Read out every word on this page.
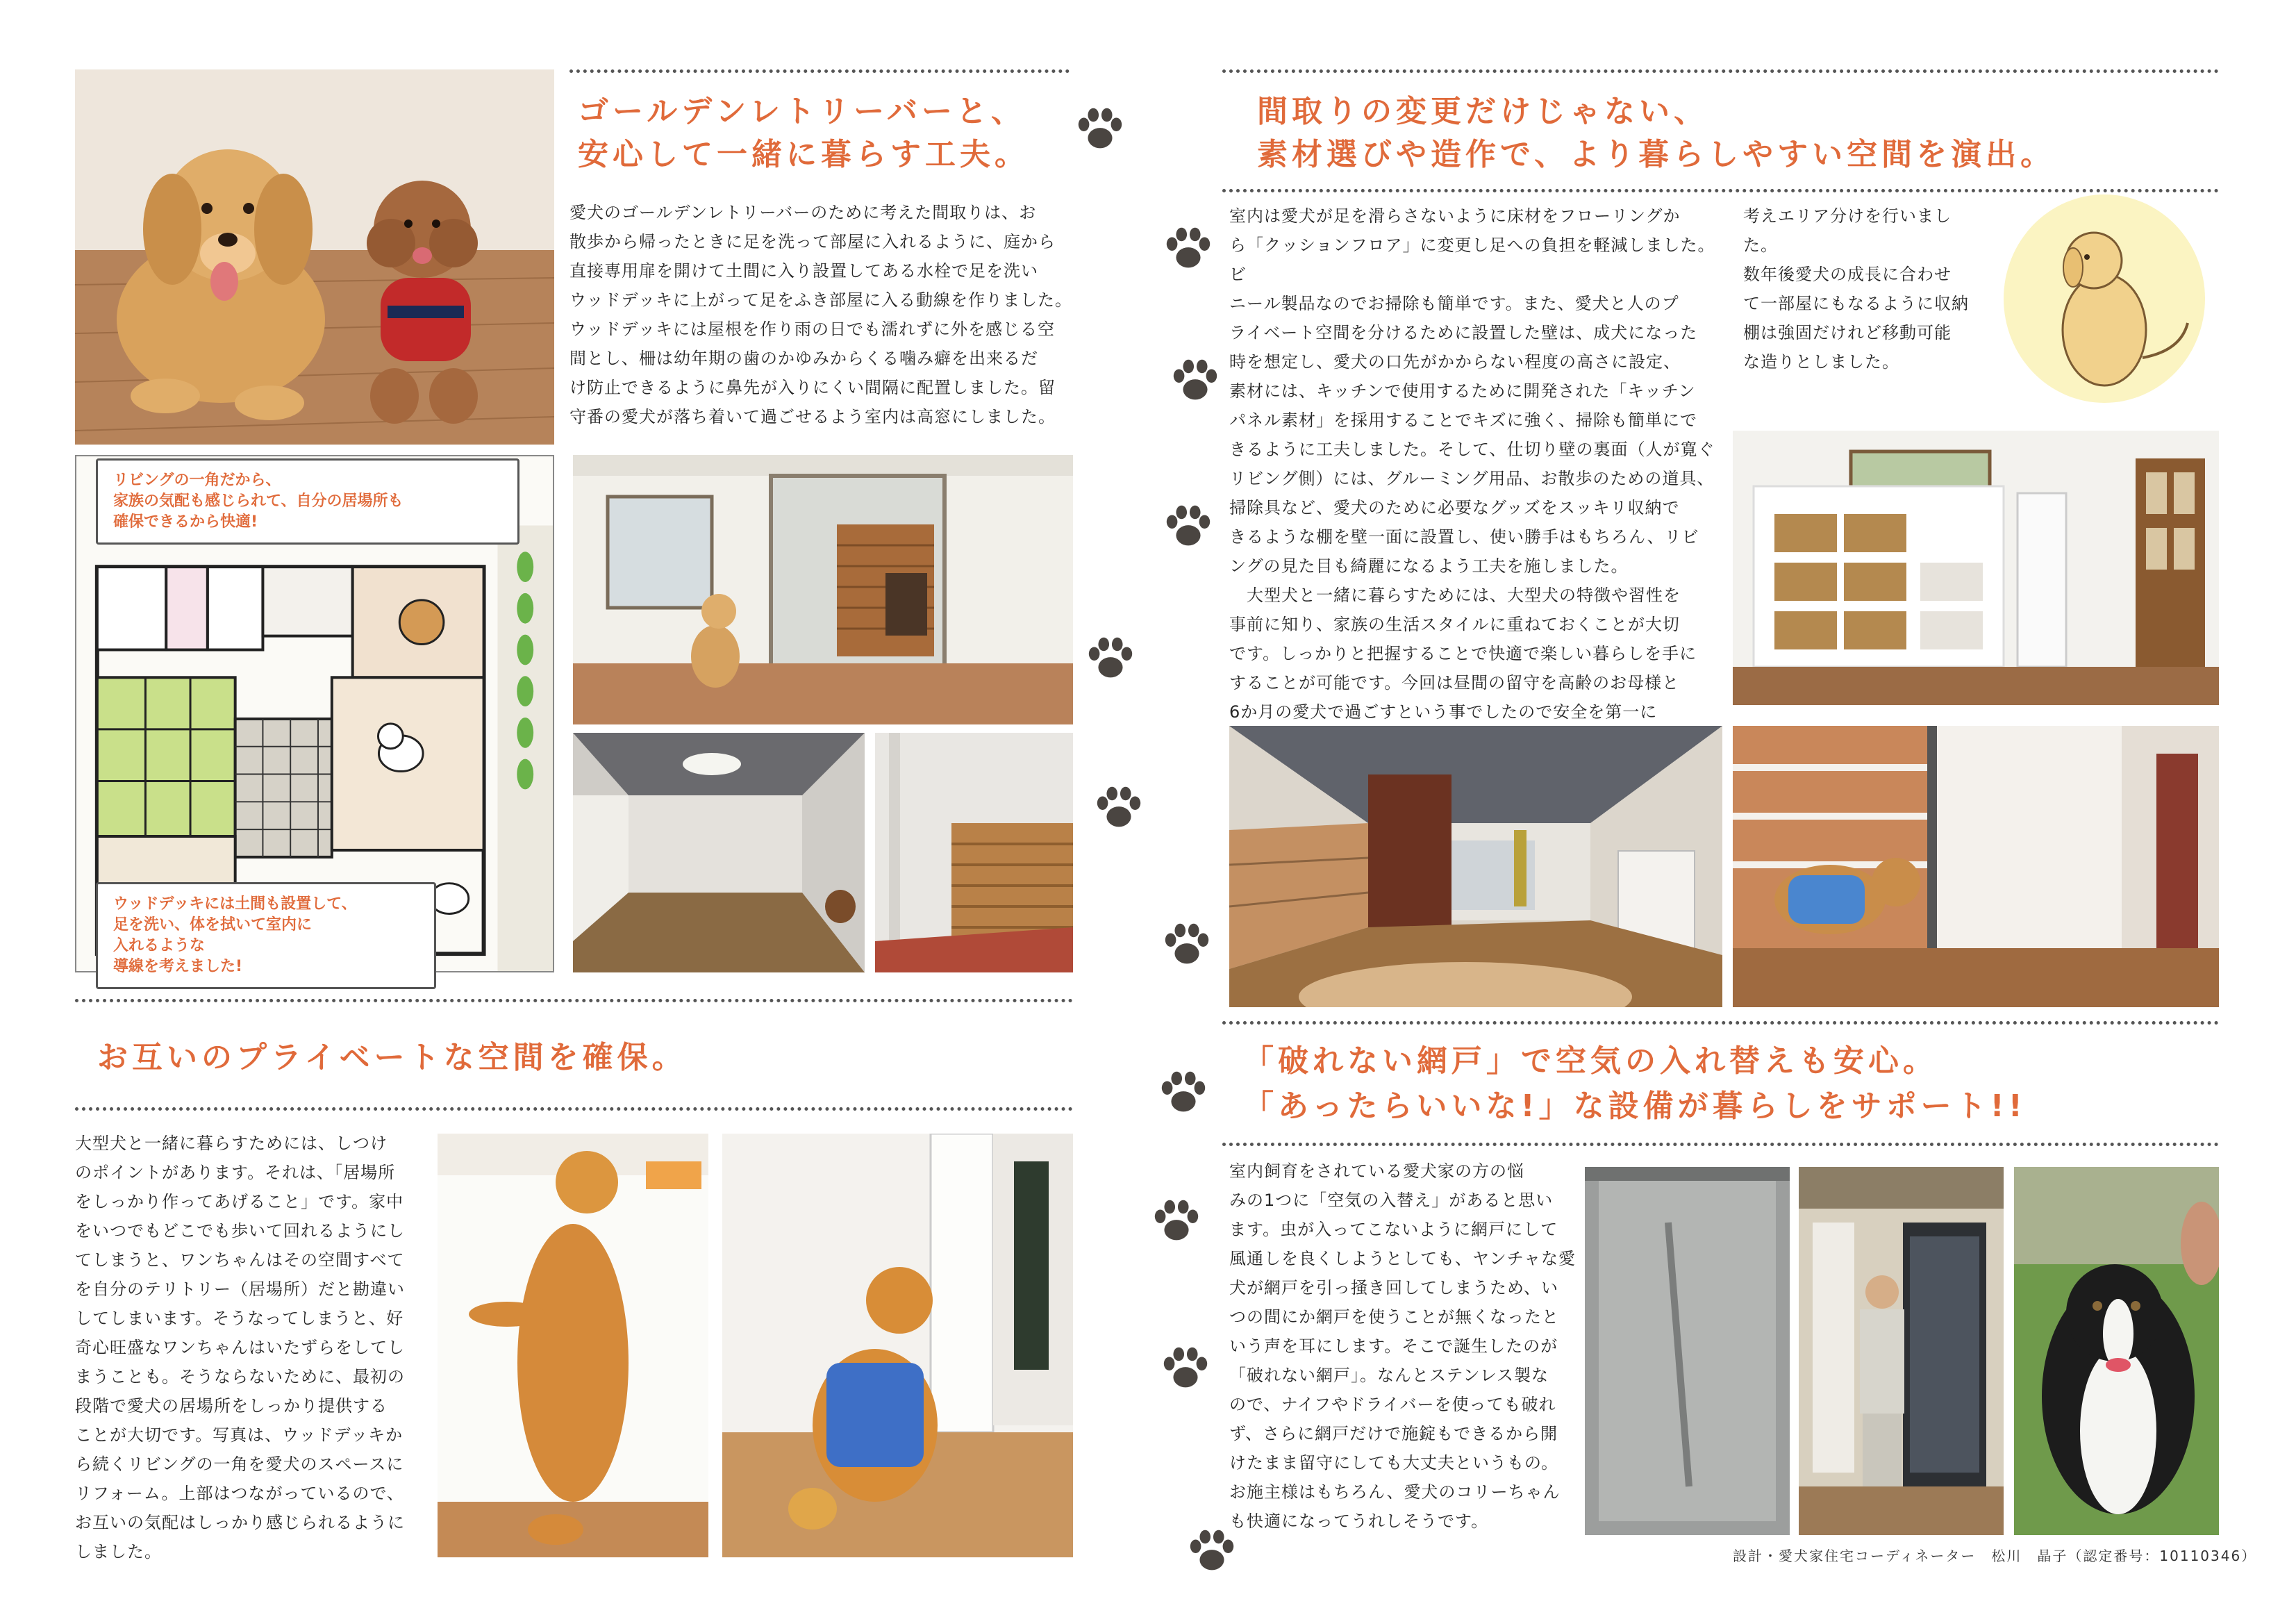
ゴールデンレトリーバーと、
安心して一緒に暮らす工夫。
愛犬のゴールデンレトリーバーのために考えた間取りは、お
散歩から帰ったときに足を洗って部屋に入れるように、庭から
直接専用扉を開けて土間に入り設置してある水栓で足を洗い
ウッドデッキに上がって足をふき部屋に入る動線を作りました。
ウッドデッキには屋根を作り雨の日でも濡れずに外を感じる空
間とし、柵は幼年期の歯のかゆみからくる噛み癖を出来るだ
け防止できるように鼻先が入りにくい間隔に配置しました。留
守番の愛犬が落ち着いて過ごせるよう室内は高窓にしました。
リビングの一角だから、
家族の気配も感じられて、自分の居場所も
確保できるから快適!
ウッドデッキには土間も設置して、
足を洗い、体を拭いて室内に
入れるような
導線を考えました!
お互いのプライベートな空間を確保。
大型犬と一緒に暮らすためには、しつけ
のポイントがあります。それは、「居場所
をしっかり作ってあげること」です。家中
をいつでもどこでも歩いて回れるようにし
てしまうと、ワンちゃんはその空間すべて
を自分のテリトリー（居場所）だと勘違い
してしまいます。そうなってしまうと、好
奇心旺盛なワンちゃんはいたずらをしてし
まうことも。そうならないために、最初の
段階で愛犬の居場所をしっかり提供する
ことが大切です。写真は、ウッドデッキか
ら続くリビングの一角を愛犬のスペースに
リフォーム。上部はつながっているので、
お互いの気配はしっかり感じられるように
しました。
間取りの変更だけじゃない、
素材選びや造作で、より暮らしやすい空間を演出。
室内は愛犬が足を滑らさないように床材をフローリングか
ら「クッションフロア」に変更し足への負担を軽減しました。ビ
ニール製品なのでお掃除も簡単です。また、愛犬と人のプ
ライベート空間を分けるために設置した壁は、成犬になった
時を想定し、愛犬の口先がかからない程度の高さに設定、
素材には、キッチンで使用するために開発された「キッチン
パネル素材」を採用することでキズに強く、掃除も簡単にで
きるように工夫しました。そして、仕切り壁の裏面（人が寛ぐ
リビング側）には、グルーミング用品、お散歩のための道具、
掃除具など、愛犬のために必要なグッズをスッキリ収納で
きるような棚を壁一面に設置し、使い勝手はもちろん、リビ
ングの見た目も綺麗になるよう工夫を施しました。
　大型犬と一緒に暮らすためには、大型犬の特徴や習性を
事前に知り、家族の生活スタイルに重ねておくことが大切
です。しっかりと把握することで快適で楽しい暮らしを手に
することが可能です。今回は昼間の留守を高齢のお母様と
6か月の愛犬で過ごすという事でしたので安全を第一に
考えエリア分けを行いました。
数年後愛犬の成長に合わせ
て一部屋にもなるように収納
棚は強固だけれど移動可能
な造りとしました。
「破れない網戸」で空気の入れ替えも安心。
「あったらいいな!」な設備が暮らしをサポート!!
室内飼育をされている愛犬家の方の悩
みの1つに「空気の入替え」があると思い
ます。虫が入ってこないように網戸にして
風通しを良くしようとしても、ヤンチャな愛
犬が網戸を引っ掻き回してしまうため、い
つの間にか網戸を使うことが無くなったと
いう声を耳にします。そこで誕生したのが
「破れない網戸」。なんとステンレス製な
ので、ナイフやドライバーを使っても破れ
ず、さらに網戸だけで施錠もできるから開
けたまま留守にしても大丈夫というもの。
お施主様はもちろん、愛犬のコリーちゃん
も快適になってうれしそうです。
設計・愛犬家住宅コーディネーター　松川　晶子（認定番号：10110346）
